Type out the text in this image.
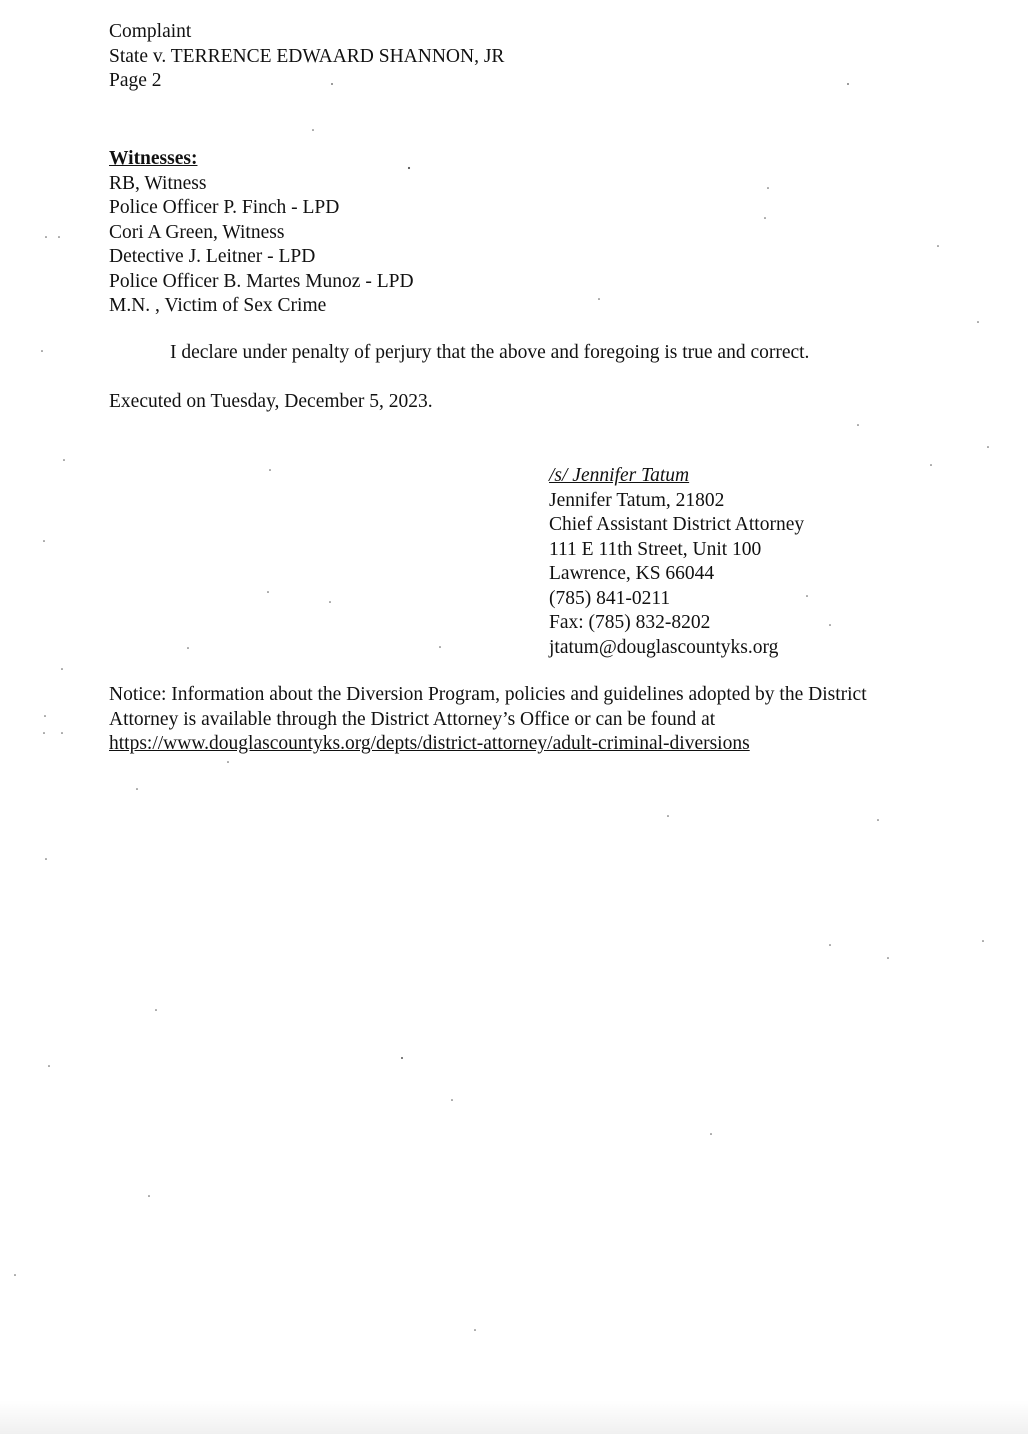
Complaint
State v. TERRENCE EDWAARD SHANNON, JR
Page 2
Witnesses:
RB, Witness
Police Officer P. Finch - LPD
Cori A Green, Witness
Detective J. Leitner - LPD
Police Officer B. Martes Munoz - LPD
M.N. , Victim of Sex Crime
I declare under penalty of perjury that the above and foregoing is true and correct.
Executed on Tuesday, December 5, 2023.
/s/ Jennifer Tatum
Jennifer Tatum, 21802
Chief Assistant District Attorney
111 E 11th Street, Unit 100
Lawrence, KS 66044
(785) 841-0211
Fax: (785) 832-8202
jtatum@douglascountyks.org
Notice: Information about the Diversion Program, policies and guidelines adopted by the District Attorney is available through the District Attorney’s Office or can be found at
https://www.douglascountyks.org/depts/district-attorney/adult-criminal-diversions
